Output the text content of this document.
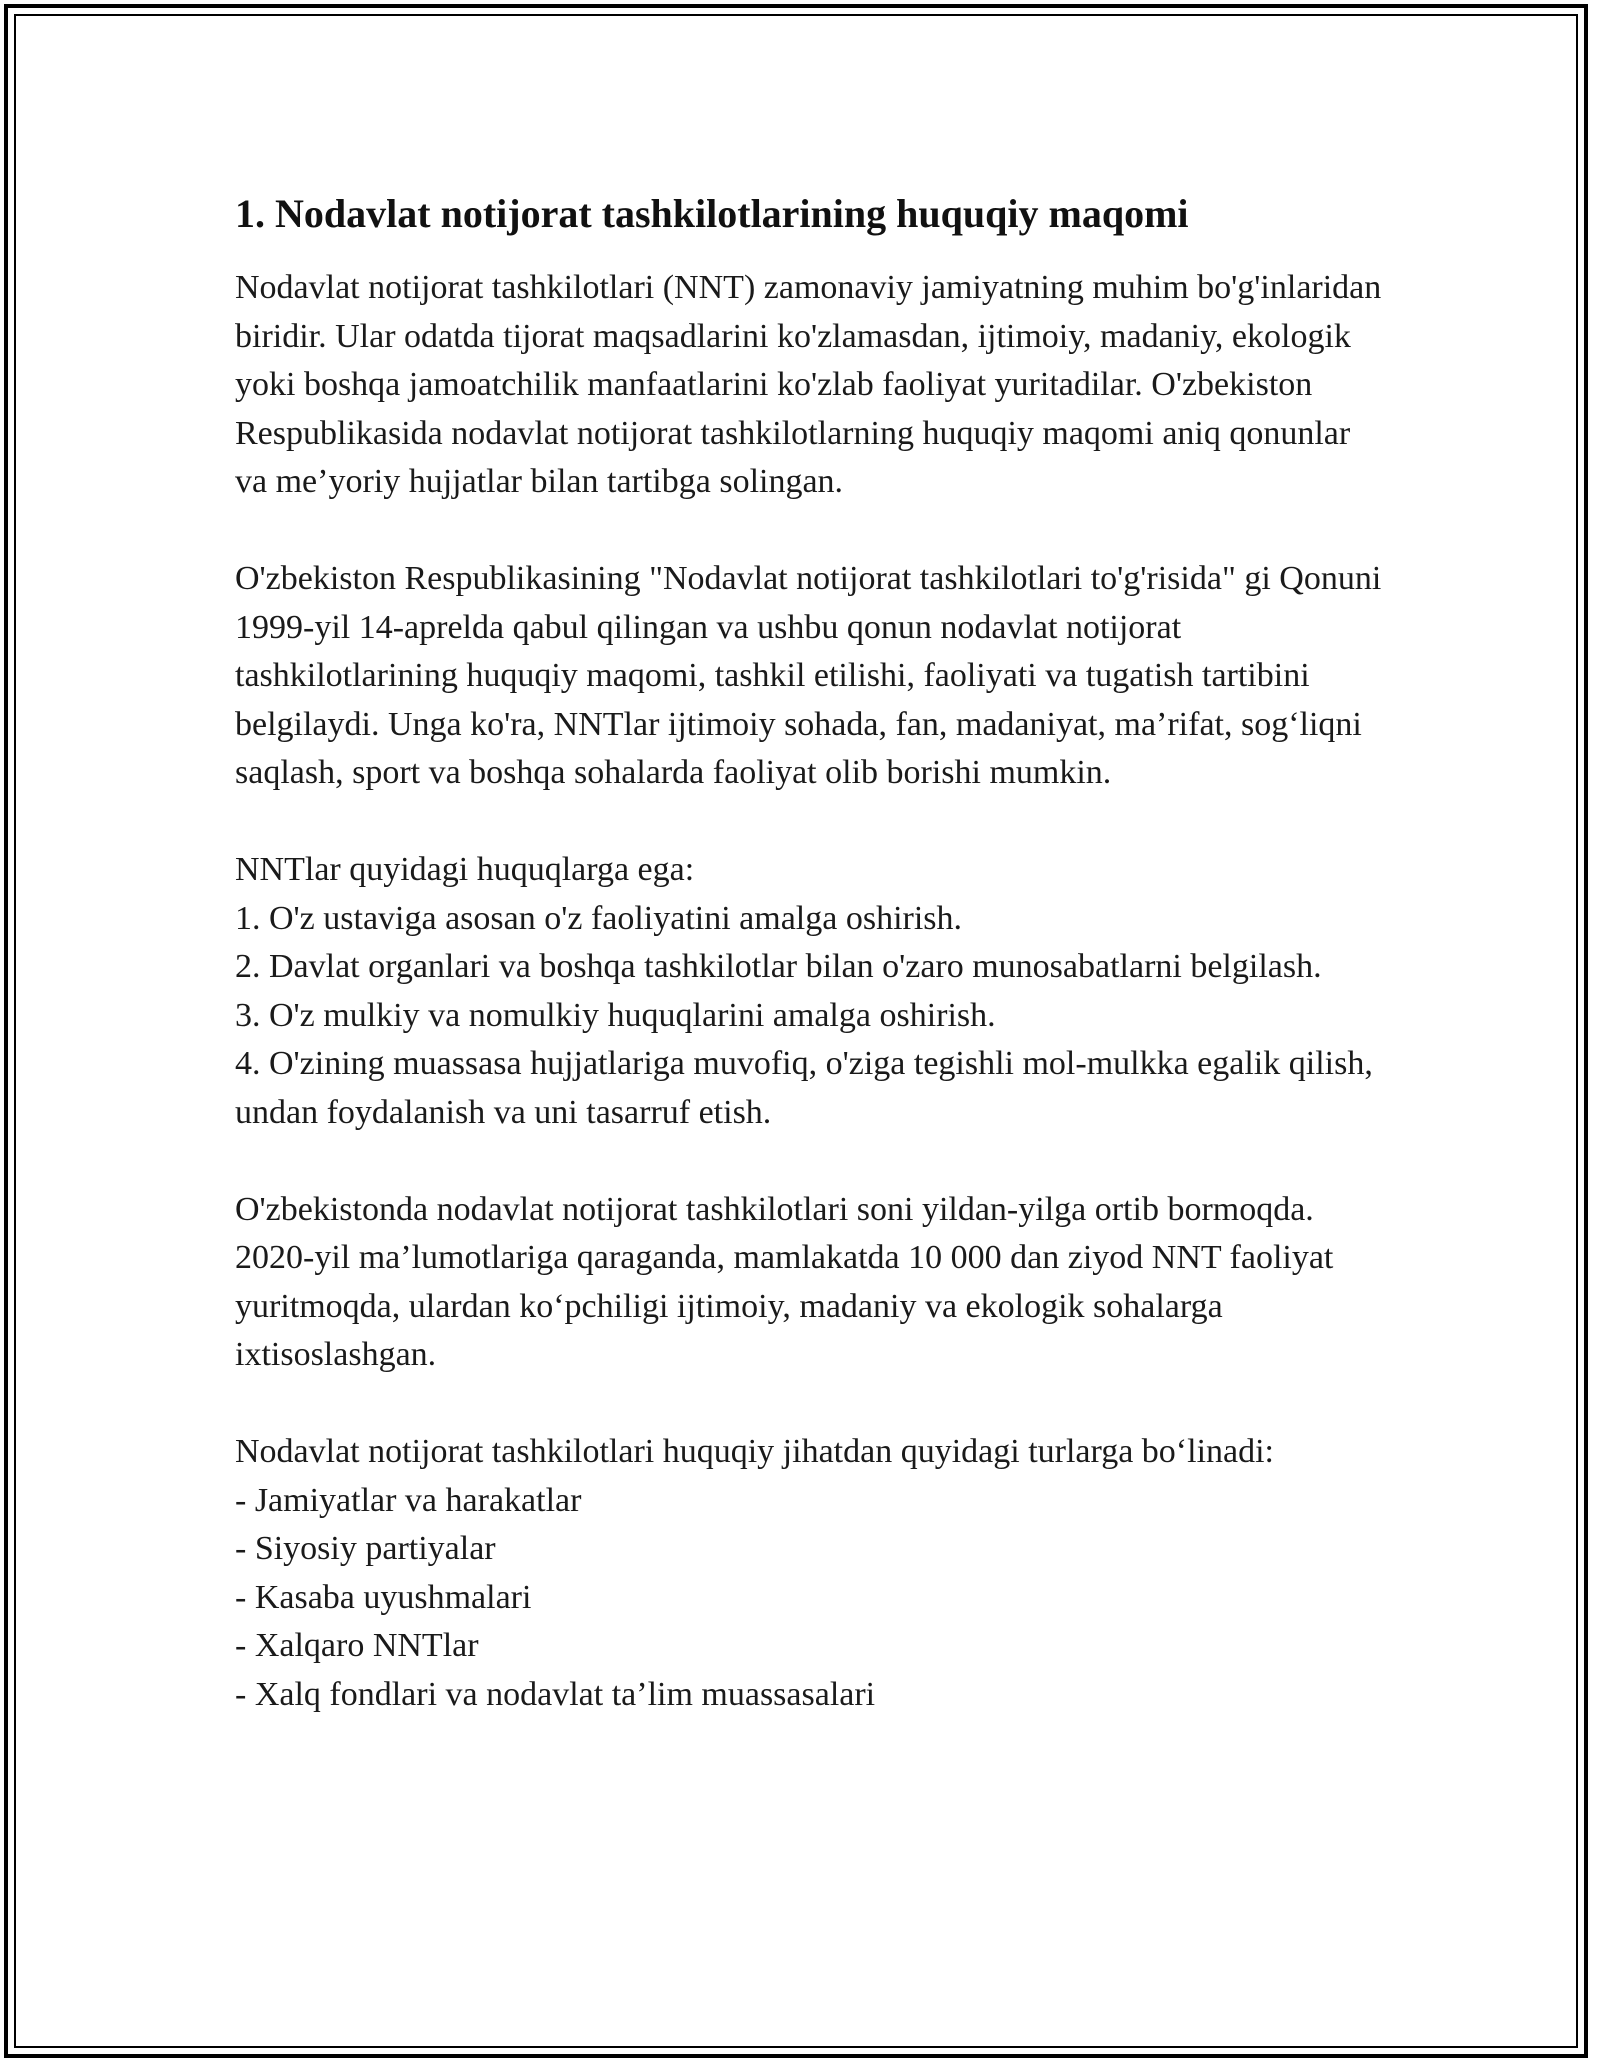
1. Nodavlat notijorat tashkilotlarining huquqiy maqomi

Nodavlat notijorat tashkilotlari (NNT) zamonaviy jamiyatning muhim bo'g'inlaridan biridir. Ular odatda tijorat maqsadlarini ko'zlamasdan, ijtimoiy, madaniy, ekologik yoki boshqa jamoatchilik manfaatlarini ko'zlab faoliyat yuritadilar. O'zbekiston Respublikasida nodavlat notijorat tashkilotlarning huquqiy maqomi aniq qonunlar va me’yoriy hujjatlar bilan tartibga solingan.

O'zbekiston Respublikasining "Nodavlat notijorat tashkilotlari to'g'risida" gi Qonuni 1999-yil 14-aprelda qabul qilingan va ushbu qonun nodavlat notijorat tashkilotlarining huquqiy maqomi, tashkil etilishi, faoliyati va tugatish tartibini belgilaydi. Unga ko'ra, NNTlar ijtimoiy sohada, fan, madaniyat, ma’rifat, sog‘liqni saqlash, sport va boshqa sohalarda faoliyat olib borishi mumkin.

NNTlar quyidagi huquqlarga ega:

1. O'z ustaviga asosan o'z faoliyatini amalga oshirish.

2. Davlat organlari va boshqa tashkilotlar bilan o'zaro munosabatlarni belgilash.

3. O'z mulkiy va nomulkiy huquqlarini amalga oshirish.

4. O'zining muassasa hujjatlariga muvofiq, o'ziga tegishli mol-mulkka egalik qilish, undan foydalanish va uni tasarruf etish.

O'zbekistonda nodavlat notijorat tashkilotlari soni yildan-yilga ortib bormoqda. 2020-yil ma’lumotlariga qaraganda, mamlakatda 10 000 dan ziyod NNT faoliyat yuritmoqda, ulardan ko‘pchiligi ijtimoiy, madaniy va ekologik sohalarga ixtisoslashgan.

Nodavlat notijorat tashkilotlari huquqiy jihatdan quyidagi turlarga bo‘linadi:

- Jamiyatlar va harakatlar

- Siyosiy partiyalar

- Kasaba uyushmalari

- Xalqaro NNTlar

- Xalq fondlari va nodavlat ta’lim muassasalari
